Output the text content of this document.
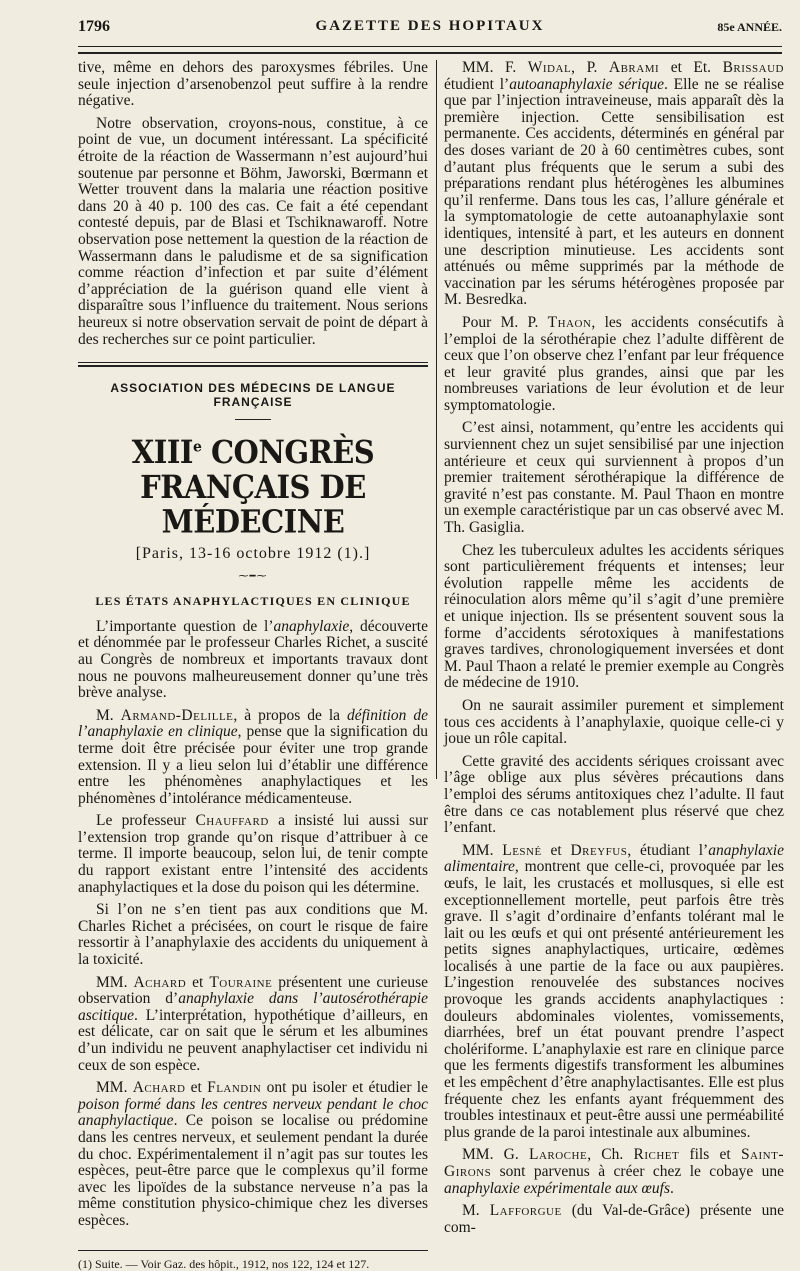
1796	GAZETTE DES HOPITAUX	85e ANNÉE.

tive, même en dehors des paroxysmes fébriles. Une seule injection d’arsenobenzol peut suffire à la rendre négative.

Notre observation, croyons-nous, constitue, à ce point de vue, un document intéressant. La spécificité étroite de la réaction de Wassermann n’est aujourd’hui soutenue par personne et Böhm, Jaworski, Bœrmann et Wetter trouvent dans la malaria une réaction positive dans 20 à 40 p. 100 des cas. Ce fait a été cependant contesté depuis, par de Blasi et Tschiknawaroff. Notre observation pose nettement la question de la réaction de Wassermann dans le paludisme et de sa signification comme réaction d’infection et par suite d’élément d’appréciation de la guérison quand elle vient à disparaître sous l’influence du traitement. Nous serions heureux si notre observation servait de point de départ à des recherches sur ce point particulier.

ASSOCIATION DES MÉDECINS DE LANGUE FRANÇAISE
XIIIe CONGRÈS FRANÇAIS DE MÉDECINE
[Paris, 13-16 octobre 1912 (1).]
⁓━⁓
LES ÉTATS ANAPHYLACTIQUES EN CLINIQUE

L’importante question de l’anaphylaxie, découverte et dénommée par le professeur Charles Richet, a suscité au Congrès de nombreux et importants travaux dont nous ne pouvons malheureusement donner qu’une très brève analyse.

M. Armand-Delille, à propos de la définition de l’anaphylaxie en clinique, pense que la signification du terme doit être précisée pour éviter une trop grande extension. Il y a lieu selon lui d’établir une différence entre les phénomènes anaphylactiques et les phénomènes d’intolérance médicamenteuse.

Le professeur Chauffard a insisté lui aussi sur l’extension trop grande qu’on risque d’attribuer à ce terme. Il importe beaucoup, selon lui, de tenir compte du rapport existant entre l’intensité des accidents anaphylactiques et la dose du poison qui les détermine.

Si l’on ne s’en tient pas aux conditions que M. Charles Richet a précisées, on court le risque de faire ressortir à l’anaphylaxie des accidents du uniquement à la toxicité.

MM. Achard et Touraine présentent une curieuse observation d’anaphylaxie dans l’autosérothérapie ascitique. L’interprétation, hypothétique d’ailleurs, en est délicate, car on sait que le sérum et les albumines d’un individu ne peuvent anaphylactiser cet individu ni ceux de son espèce.

MM. Achard et Flandin ont pu isoler et étudier le poison formé dans les centres nerveux pendant le choc anaphylactique. Ce poison se localise ou prédomine dans les centres nerveux, et seulement pendant la durée du choc. Expérimentalement il n’agit pas sur toutes les espèces, peut-être parce que le complexus qu’il forme avec les lipoïdes de la substance nerveuse n’a pas la même constitution physico-chimique chez les diverses espèces.

(1) Suite. — Voir Gaz. des hôpit., 1912, nos 122, 124 et 127.

MM. F. Widal, P. Abrami et Et. Brissaud étudient l’autoanaphylaxie sérique. Elle ne se réalise que par l’injection intraveineuse, mais apparaît dès la première injection. Cette sensibilisation est permanente. Ces accidents, déterminés en général par des doses variant de 20 à 60 centimètres cubes, sont d’autant plus fréquents que le serum a subi des préparations rendant plus hétérogènes les albumines qu’il renferme. Dans tous les cas, l’allure générale et la symptomatologie de cette autoanaphylaxie sont identiques, intensité à part, et les auteurs en donnent une description minutieuse. Les accidents sont atténués ou même supprimés par la méthode de vaccination par les sérums hétérogènes proposée par M. Besredka.

Pour M. P. Thaon, les accidents consécutifs à l’emploi de la sérothérapie chez l’adulte diffèrent de ceux que l’on observe chez l’enfant par leur fréquence et leur gravité plus grandes, ainsi que par les nombreuses variations de leur évolution et de leur symptomatologie.

C’est ainsi, notamment, qu’entre les accidents qui surviennent chez un sujet sensibilisé par une injection antérieure et ceux qui surviennent à propos d’un premier traitement sérothérapique la différence de gravité n’est pas constante. M. Paul Thaon en montre un exemple caractéristique par un cas observé avec M. Th. Gasiglia.

Chez les tuberculeux adultes les accidents sériques sont particulièrement fréquents et intenses; leur évolution rappelle même les accidents de réinoculation alors même qu’il s’agit d’une première et unique injection. Ils se présentent souvent sous la forme d’accidents sérotoxiques à manifestations graves tardives, chronologiquement inversées et dont M. Paul Thaon a relaté le premier exemple au Congrès de médecine de 1910.

On ne saurait assimiler purement et simplement tous ces accidents à l’anaphylaxie, quoique celle-ci y joue un rôle capital.

Cette gravité des accidents sériques croissant avec l’âge oblige aux plus sévères précautions dans l’emploi des sérums antitoxiques chez l’adulte. Il faut être dans ce cas notablement plus réservé que chez l’enfant.

MM. Lesné et Dreyfus, étudiant l’anaphylaxie alimentaire, montrent que celle-ci, provoquée par les œufs, le lait, les crustacés et mollusques, si elle est exceptionnellement mortelle, peut parfois être très grave. Il s’agit d’ordinaire d’enfants tolérant mal le lait ou les œufs et qui ont présenté antérieurement les petits signes anaphylactiques, urticaire, œdèmes localisés à une partie de la face ou aux paupières. L’ingestion renouvelée des substances nocives provoque les grands accidents anaphylactiques : douleurs abdominales violentes, vomissements, diarrhées, bref un état pouvant prendre l’aspect cholériforme. L’anaphylaxie est rare en clinique parce que les ferments digestifs transforment les albumines et les empêchent d’être anaphylactisantes. Elle est plus fréquente chez les enfants ayant fréquemment des troubles intestinaux et peut-être aussi une perméabilité plus grande de la paroi intestinale aux albumines.

MM. G. Laroche, Ch. Richet fils et Saint-Girons sont parvenus à créer chez le cobaye une anaphylaxie expérimentale aux œufs.

M. Lafforgue (du Val-de-Grâce) présente une com-
